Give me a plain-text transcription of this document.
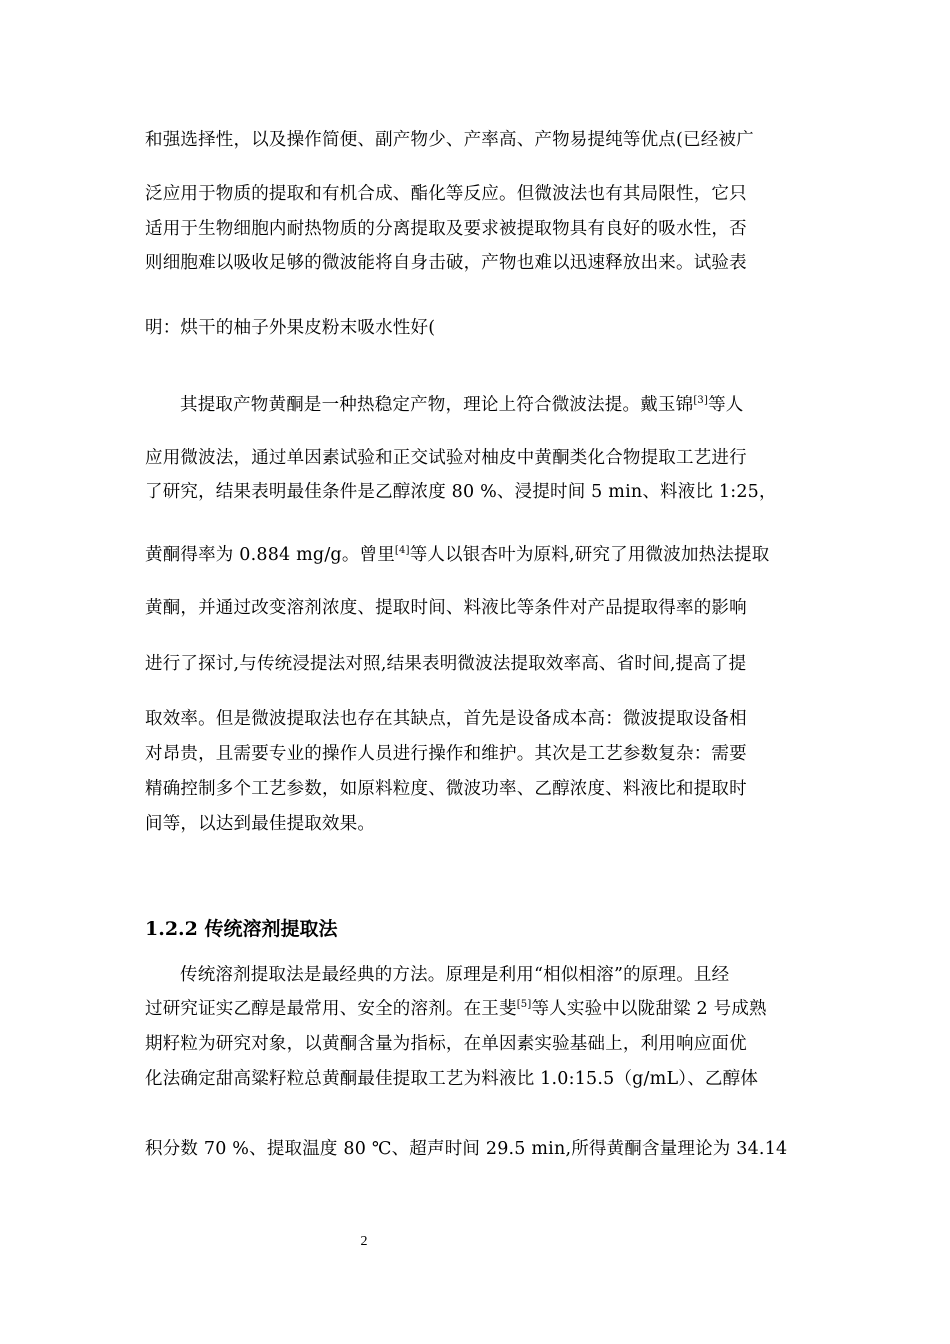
和强选择性，以及操作简便、副产物少、产率高、产物易提纯等优点(已经被广
泛应用于物质的提取和有机合成、酯化等反应。但微波法也有其局限性，它只
适用于生物细胞内耐热物质的分离提取及要求被提取物具有良好的吸水性，否
则细胞难以吸收足够的微波能将自身击破，产物也难以迅速释放出来。试验表
明：烘干的柚子外果皮粉末吸水性好(
其提取产物黄酮是一种热稳定产物，理论上符合微波法提。戴玉锦[3]等人
应用微波法，通过单因素试验和正交试验对柚皮中黄酮类化合物提取工艺进行
了研究，结果表明最佳条件是乙醇浓度 80 %、浸提时间 5 min、料液比 1:25，
黄酮得率为 0.884 mg/g。曾里[4]等人以银杏叶为原料,研究了用微波加热法提取
黄酮，并通过改变溶剂浓度、提取时间、料液比等条件对产品提取得率的影响
进行了探讨,与传统浸提法对照,结果表明微波法提取效率高、省时间,提高了提
取效率。但是微波提取法也存在其缺点，首先是设备成本高：微波提取设备相
对昂贵，且需要专业的操作人员进行操作和维护。其次是工艺参数复杂：需要
精确控制多个工艺参数，如原料粒度、微波功率、乙醇浓度、料液比和提取时
间等，以达到最佳提取效果。
1.2.2 传统溶剂提取法
传统溶剂提取法是最经典的方法。原理是利用“相似相溶”的原理。且经
过研究证实乙醇是最常用、安全的溶剂。在王斐[5]等人实验中以陇甜粱 2 号成熟
期籽粒为研究对象，以黄酮含量为指标，在单因素实验基础上，利用响应面优
化法确定甜高粱籽粒总黄酮最佳提取工艺为料液比 1.0:15.5（g/mL）、乙醇体
积分数 70 %、提取温度 80 ℃、超声时间 29.5 min,所得黄酮含量理论为 34.14
2
